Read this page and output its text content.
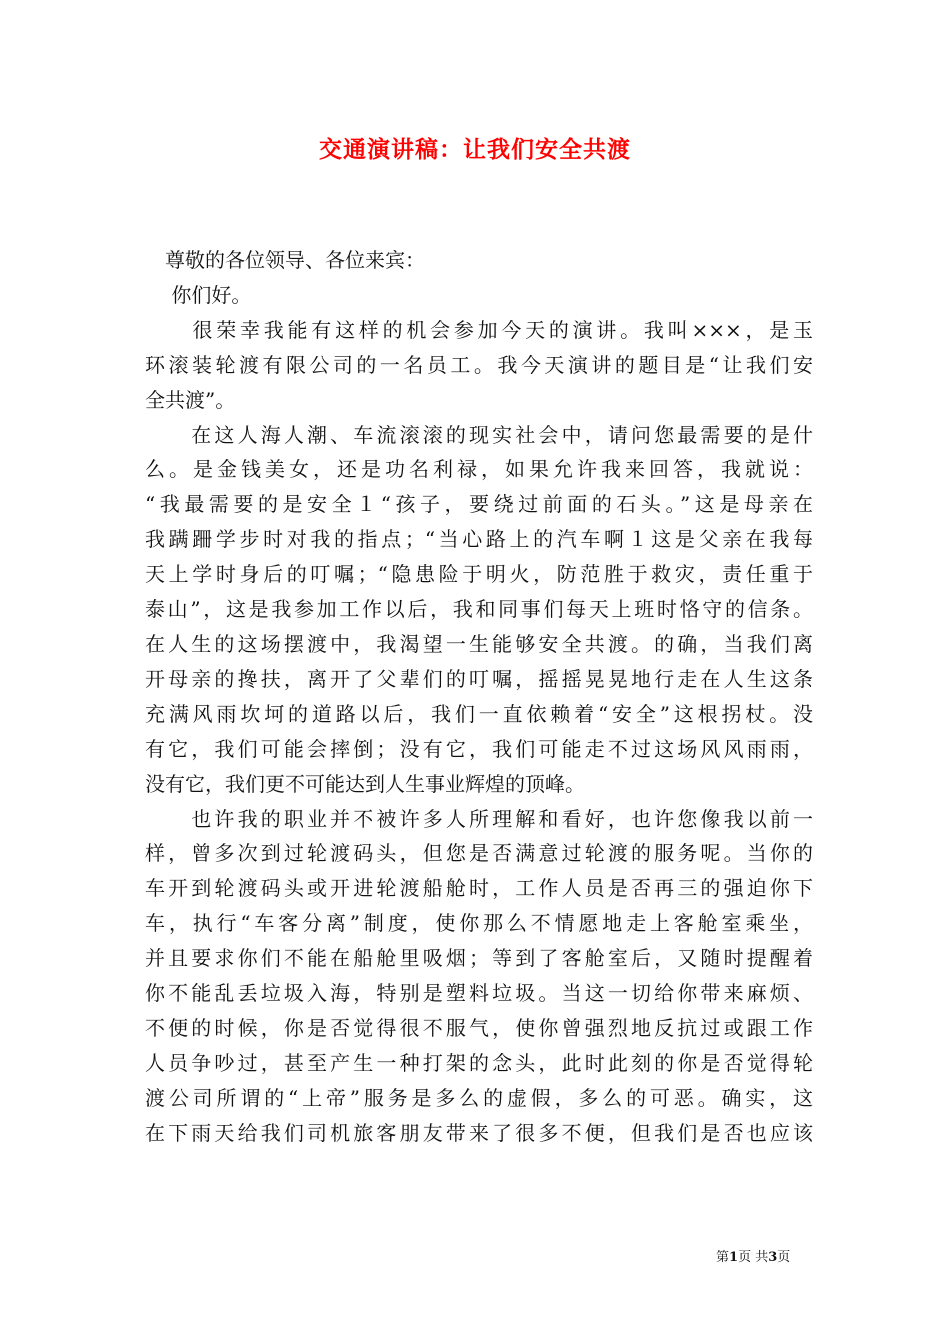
交通演讲稿：让我们安全共渡
　尊敬的各位领导、各位来宾：
　 你们好。
　　很荣幸我能有这样的机会参加今天的演讲。我叫×××，是玉
环滚装轮渡有限公司的一名员工。我今天演讲的题目是“让我们安
全共渡”。
　　在这人海人潮、车流滚滚的现实社会中，请问您最需要的是什
么。是金钱美女，还是功名利禄，如果允许我来回答，我就说：
“我最需要的是安全１“孩子，要绕过前面的石头。”这是母亲在
我蹒跚学步时对我的指点；“当心路上的汽车啊１这是父亲在我每
天上学时身后的叮嘱；“隐患险于明火，防范胜于救灾，责任重于
泰山”，这是我参加工作以后，我和同事们每天上班时恪守的信条。
在人生的这场摆渡中，我渴望一生能够安全共渡。的确，当我们离
开母亲的搀扶，离开了父辈们的叮嘱，摇摇晃晃地行走在人生这条
充满风雨坎坷的道路以后，我们一直依赖着“安全”这根拐杖。没
有它，我们可能会摔倒；没有它，我们可能走不过这场风风雨雨，
没有它，我们更不可能达到人生事业辉煌的顶峰。
　　也许我的职业并不被许多人所理解和看好，也许您像我以前一
样，曾多次到过轮渡码头，但您是否满意过轮渡的服务呢。当你的
车开到轮渡码头或开进轮渡船舱时，工作人员是否再三的强迫你下
车，执行“车客分离”制度，使你那么不情愿地走上客舱室乘坐，
并且要求你们不能在船舱里吸烟；等到了客舱室后，又随时提醒着
你不能乱丢垃圾入海，特别是塑料垃圾。当这一切给你带来麻烦、
不便的时候，你是否觉得很不服气，使你曾强烈地反抗过或跟工作
人员争吵过，甚至产生一种打架的念头，此时此刻的你是否觉得轮
渡公司所谓的“上帝”服务是多么的虚假，多么的可恶。确实，这
在下雨天给我们司机旅客朋友带来了很多不便，但我们是否也应该
第1页 共3页
